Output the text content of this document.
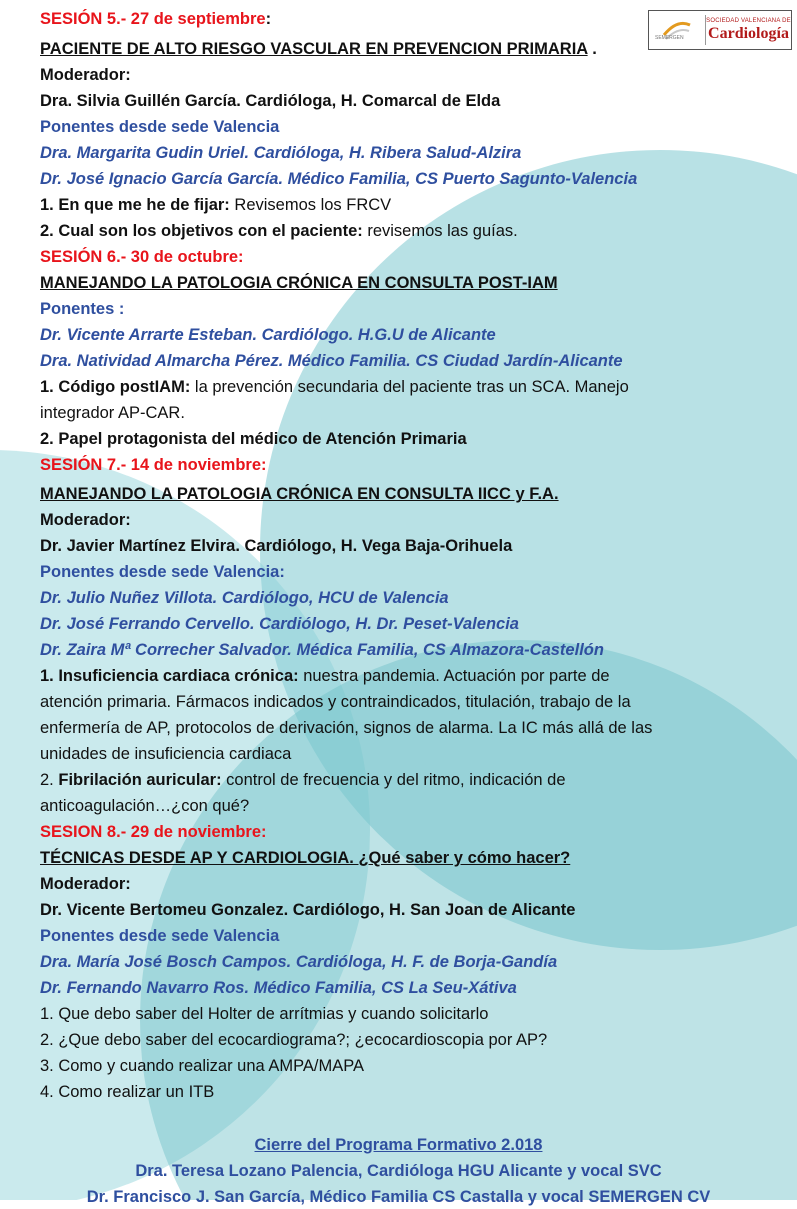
SEMERGEN
SOCIEDAD VALENCIANA DE
Cardiología
SESIÓN 5.- 27 de septiembre:
PACIENTE DE ALTO RIESGO VASCULAR EN PREVENCION PRIMARIA .
Moderador:
Dra. Silvia Guillén García. Cardióloga, H. Comarcal de Elda
Ponentes desde sede Valencia
Dra. Margarita Gudin Uriel. Cardióloga, H. Ribera Salud-Alzira
Dr. José Ignacio García García. Médico Familia, CS Puerto Sagunto-Valencia
1. En que me he de fijar: Revisemos los FRCV
2. Cual son los objetivos con el paciente: revisemos las guías.
SESIÓN 6.- 30 de octubre:
MANEJANDO LA PATOLOGIA CRÓNICA EN CONSULTA POST-IAM
Ponentes :
Dr. Vicente Arrarte Esteban. Cardiólogo. H.G.U de Alicante
Dra. Natividad Almarcha Pérez. Médico Familia. CS Ciudad Jardín-Alicante
1. Código postIAM: la prevención secundaria del paciente tras un SCA. Manejo
integrador AP-CAR.
2. Papel protagonista del médico de Atención Primaria
SESIÓN 7.- 14 de noviembre:
MANEJANDO LA PATOLOGIA CRÓNICA EN CONSULTA IICC y F.A.
Moderador:
Dr. Javier Martínez Elvira. Cardiólogo, H. Vega Baja-Orihuela
Ponentes desde sede Valencia:
Dr. Julio Nuñez Villota. Cardiólogo, HCU de Valencia
Dr. José Ferrando Cervello. Cardiólogo, H. Dr. Peset-Valencia
Dr. Zaira Mª Correcher Salvador. Médica Familia, CS Almazora-Castellón
1. Insuficiencia cardiaca crónica: nuestra pandemia. Actuación por parte de
atención primaria. Fármacos indicados y contraindicados, titulación, trabajo de la
enfermería de AP, protocolos de derivación, signos de alarma. La IC más allá de las
unidades de insuficiencia cardiaca
2. Fibrilación auricular: control de frecuencia y del ritmo, indicación de
anticoagulación…¿con qué?
SESION 8.- 29 de noviembre:
TÉCNICAS DESDE AP Y CARDIOLOGIA. ¿Qué saber y cómo hacer?
Moderador:
Dr. Vicente Bertomeu Gonzalez. Cardiólogo, H. San Joan de Alicante
Ponentes desde sede Valencia
Dra. María José Bosch Campos. Cardióloga, H. F. de Borja-Gandía
Dr. Fernando Navarro Ros. Médico Familia, CS La Seu-Xátiva
1. Que debo saber del Holter de arrítmias y cuando solicitarlo
2. ¿Que debo saber del ecocardiograma?; ¿ecocardioscopia por AP?
3. Como y cuando realizar una AMPA/MAPA
4. Como realizar un ITB
Cierre del Programa Formativo 2.018
Dra. Teresa Lozano Palencia, Cardióloga HGU Alicante y vocal SVC
Dr. Francisco J. San García, Médico Familia CS Castalla y vocal SEMERGEN CV
